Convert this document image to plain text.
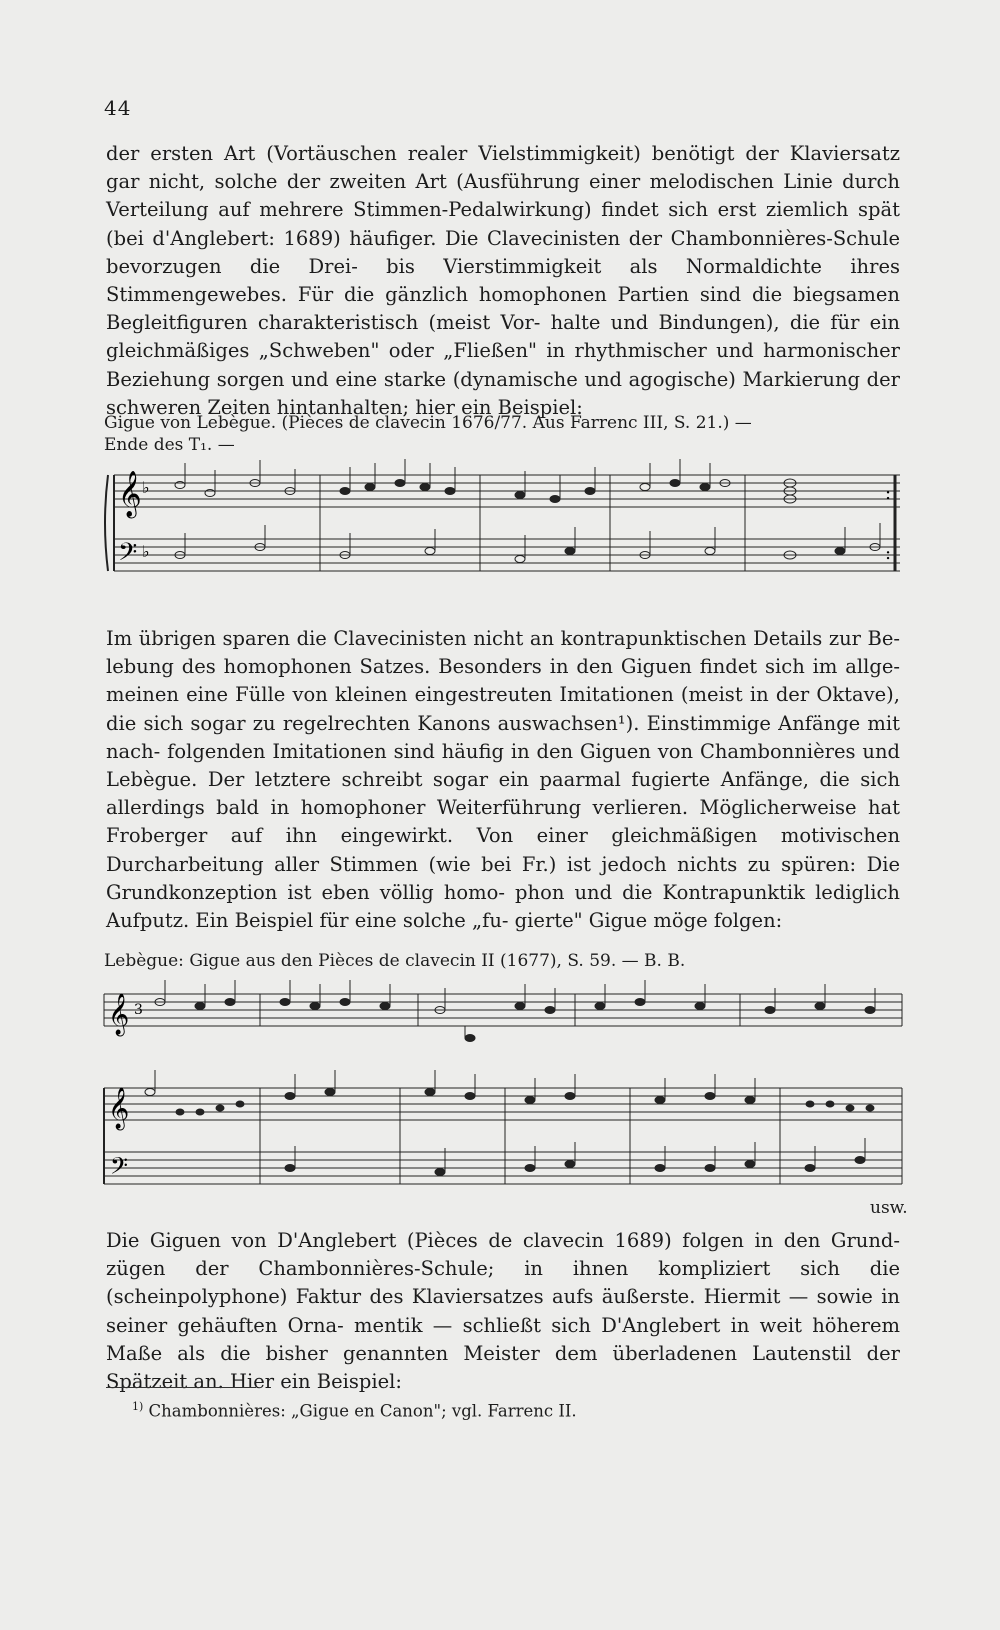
44

der ersten Art (Vortäuschen realer Vielstimmigkeit) benötigt der Klaviersatz gar nicht, solche der zweiten Art (Ausführung einer melodischen Linie durch Verteilung auf mehrere Stimmen-Pedalwirkung) findet sich erst ziemlich spät (bei d'Anglebert: 1689) häufiger. Die Clavecinisten der Chambonnières-Schule bevorzugen die Drei- bis Vierstimmigkeit als Normaldichte ihres Stimmengewebes. Für die gänzlich homophonen Partien sind die biegsamen Begleitfiguren charakteristisch (meist Vor- halte und Bindungen), die für ein gleichmäßiges „Schweben" oder „Fließen" in rhythmischer und harmonischer Beziehung sorgen und eine starke (dynamische und agogische) Markierung der schweren Zeiten hintanhalten; hier ein Beispiel:

Gigue von Lebègue. (Pièces de clavecin 1676/77. Aus Farrenc III, S. 21.) —
Ende des T₁. —
𝄞
𝄢
♭
♭
:
:

Im übrigen sparen die Clavecinisten nicht an kontrapunktischen Details zur Be- lebung des homophonen Satzes. Besonders in den Giguen findet sich im allge- meinen eine Fülle von kleinen eingestreuten Imitationen (meist in der Oktave), die sich sogar zu regelrechten Kanons auswachsen¹). Einstimmige Anfänge mit nach- folgenden Imitationen sind häufig in den Giguen von Chambonnières und Lebègue. Der letztere schreibt sogar ein paarmal fugierte Anfänge, die sich allerdings bald in homophoner Weiterführung verlieren. Möglicherweise hat Froberger auf ihn eingewirkt. Von einer gleichmäßigen motivischen Durcharbeitung aller Stimmen (wie bei Fr.) ist jedoch nichts zu spüren: Die Grundkonzeption ist eben völlig homo- phon und die Kontrapunktik lediglich Aufputz. Ein Beispiel für eine solche „fu- gierte" Gigue möge folgen:

Lebègue: Gigue aus den Pièces de clavecin II (1677), S. 59. — B. B.
𝄞 3
𝄞
𝄢
usw.

Die Giguen von D'Anglebert (Pièces de clavecin 1689) folgen in den Grund- zügen der Chambonnières-Schule; in ihnen kompliziert sich die (scheinpolyphone) Faktur des Klaviersatzes aufs äußerste. Hiermit — sowie in seiner gehäuften Orna- mentik — schließt sich D'Anglebert in weit höherem Maße als die bisher genannten Meister dem überladenen Lautenstil der Spätzeit an. Hier ein Beispiel:

$^{1)}$ Chambonnières: „Gigue en Canon"; vgl. Farrenc II.
